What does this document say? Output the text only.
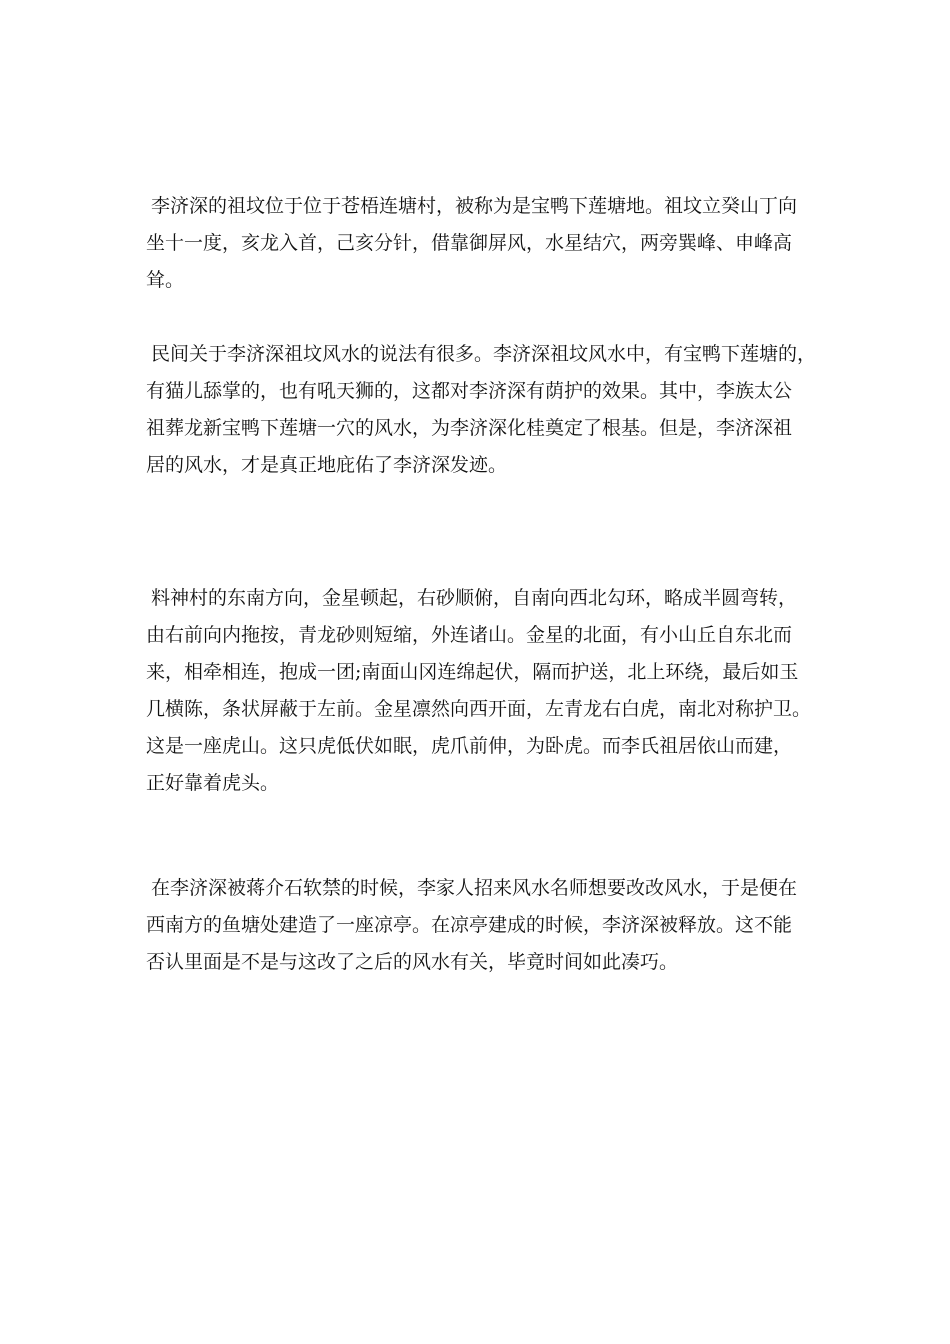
李济深的祖坟位于位于苍梧连塘村，被称为是宝鸭下莲塘地。祖坟立癸山丁向
坐十一度，亥龙入首，己亥分针，借靠御屏风，水星结穴，两旁巽峰、申峰高
耸。
民间关于李济深祖坟风水的说法有很多。李济深祖坟风水中，有宝鸭下莲塘的，
有猫儿舔掌的，也有吼天狮的，这都对李济深有荫护的效果。其中，李族太公
祖葬龙新宝鸭下莲塘一穴的风水，为李济深化桂奠定了根基。但是，李济深祖
居的风水，才是真正地庇佑了李济深发迹。
料神村的东南方向，金星顿起，右砂顺俯，自南向西北勾环，略成半圆弯转，
由右前向内拖按，青龙砂则短缩，外连诸山。金星的北面，有小山丘自东北而
来，相牵相连，抱成一团;南面山冈连绵起伏，隔而护送，北上环绕，最后如玉
几横陈，条状屏蔽于左前。金星凛然向西开面，左青龙右白虎，南北对称护卫。
这是一座虎山。这只虎低伏如眠，虎爪前伸，为卧虎。而李氏祖居依山而建，
正好靠着虎头。
在李济深被蒋介石软禁的时候，李家人招来风水名师想要改改风水，于是便在
西南方的鱼塘处建造了一座凉亭。在凉亭建成的时候，李济深被释放。这不能
否认里面是不是与这改了之后的风水有关，毕竟时间如此凑巧。
